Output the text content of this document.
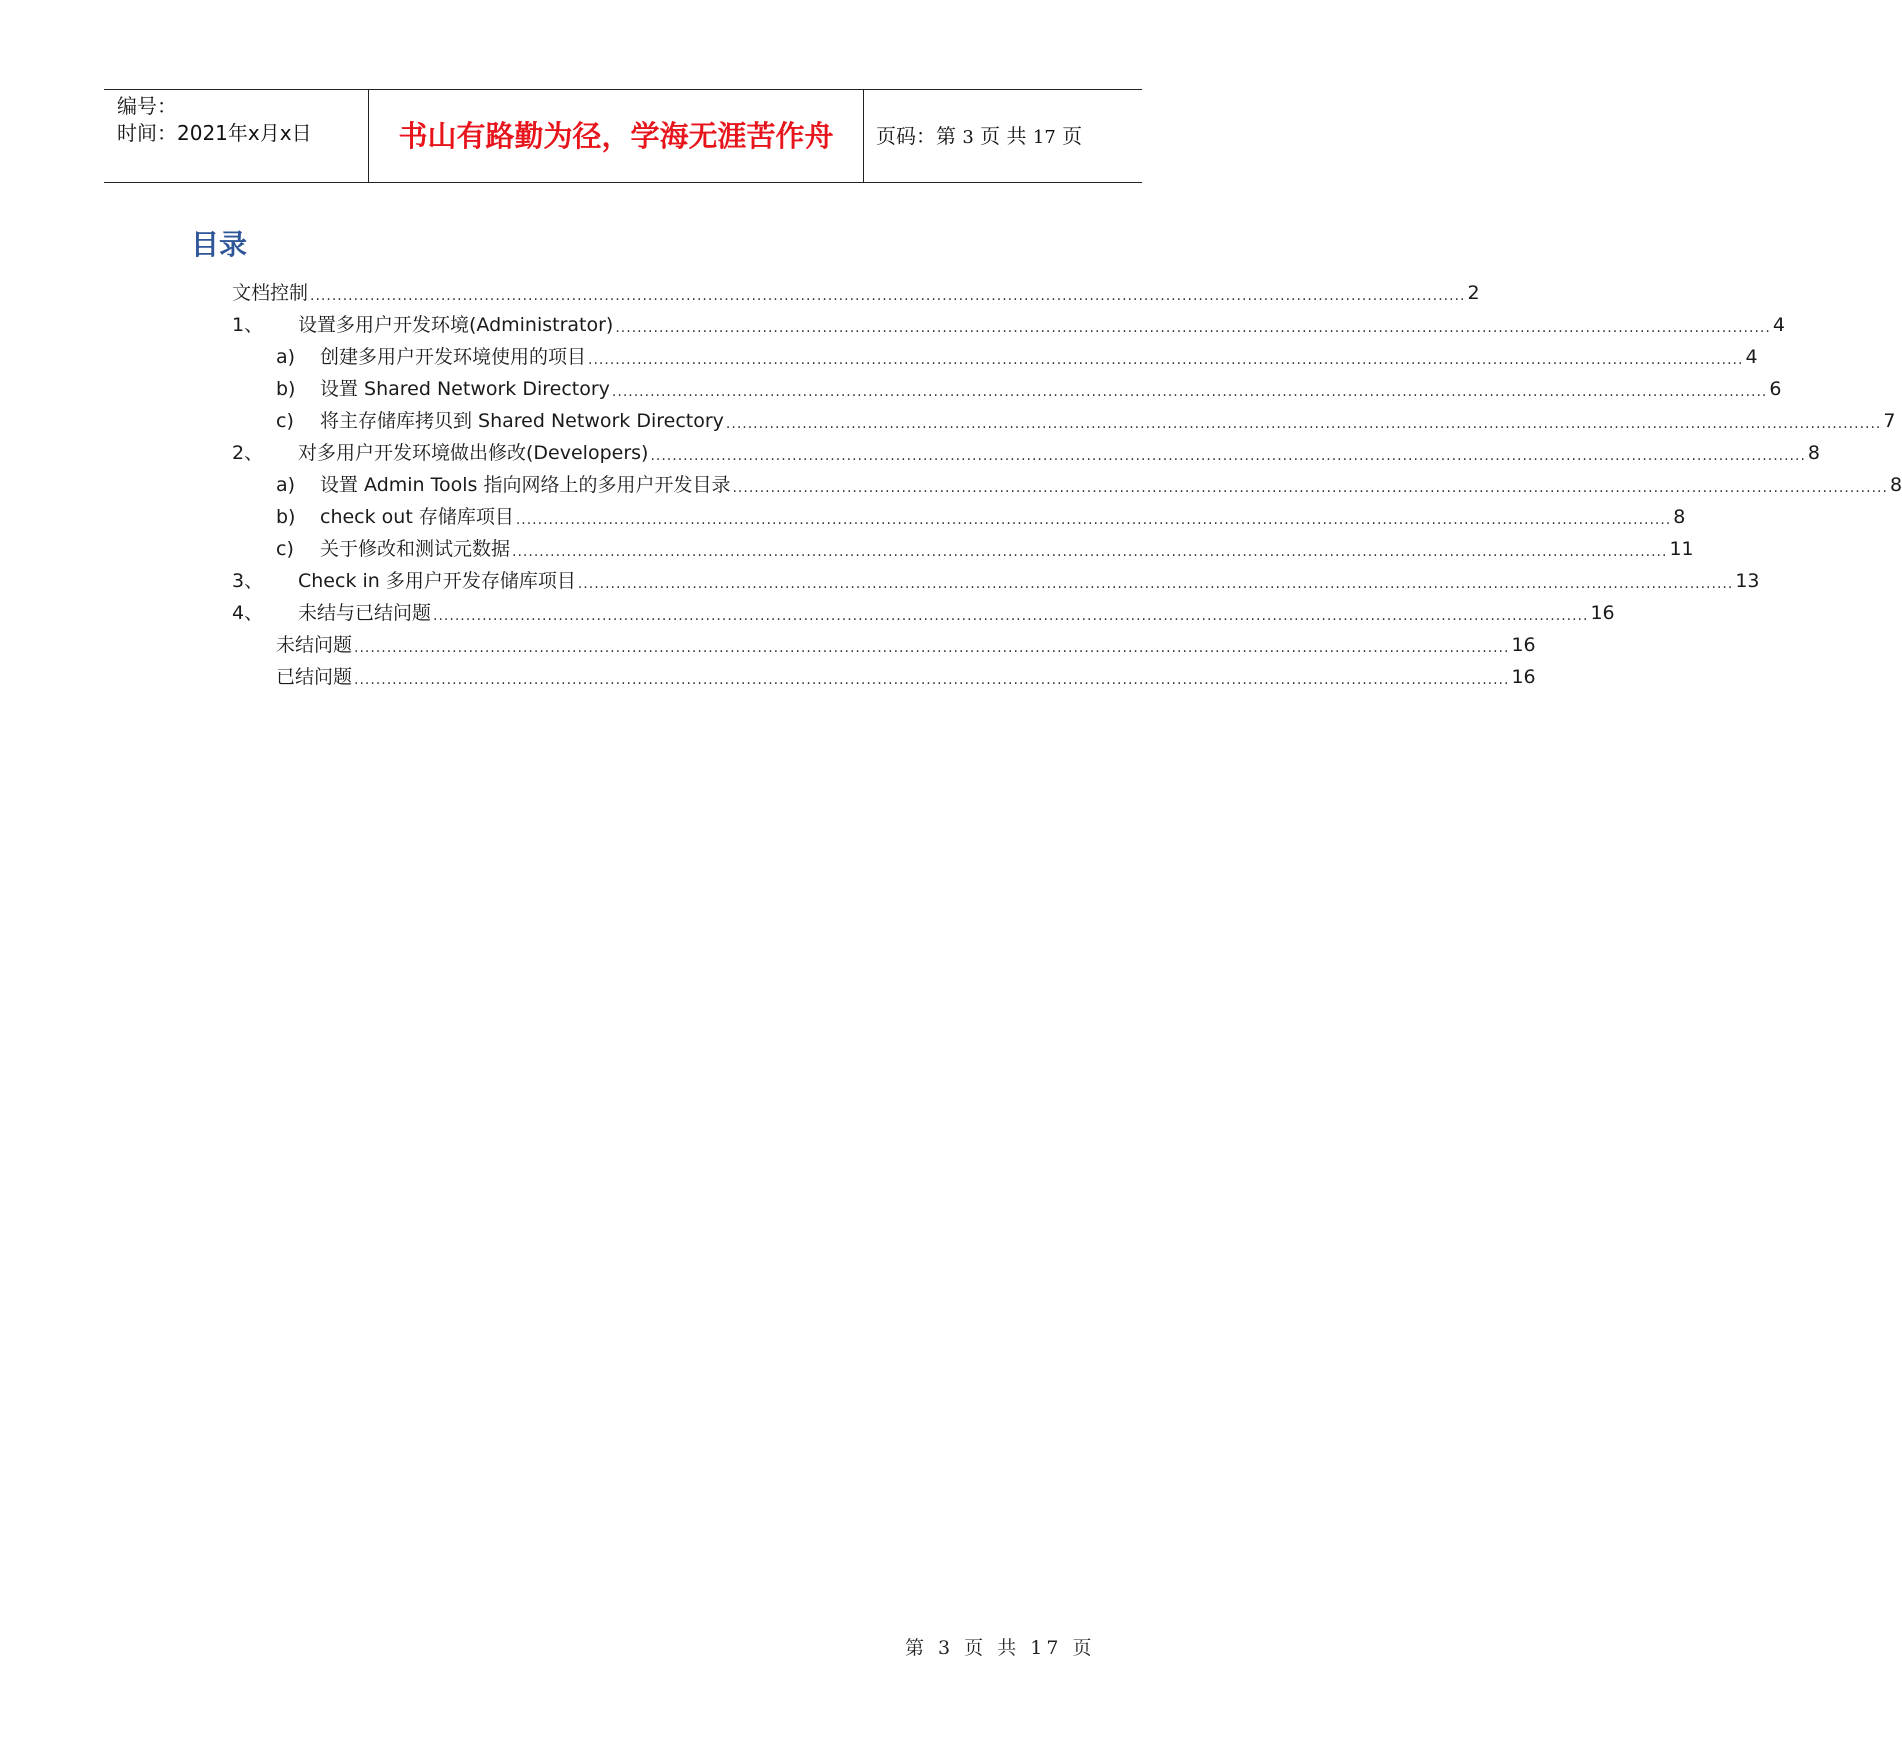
编号：
时间：2021年x月x日	书山有路勤为径，学海无涯苦作舟	页码：第 3 页 共 17 页
目录
文档控制 .................................................................................................................................................................................................................... 2
1、	设置多用户开发环境(Administrator) .................................................................................................................................................................................................................... 4
a)	创建多用户开发环境使用的项目 .................................................................................................................................................................................................................... 4
b)	设置 Shared Network Directory .................................................................................................................................................................................................................... 6
c)	将主存储库拷贝到 Shared Network Directory .................................................................................................................................................................................................................... 7
2、	对多用户开发环境做出修改(Developers) .................................................................................................................................................................................................................... 8
a)	设置 Admin Tools 指向网络上的多用户开发目录 .................................................................................................................................................................................................................... 8
b)	check out 存储库项目 .................................................................................................................................................................................................................... 8
c)	关于修改和测试元数据 .................................................................................................................................................................................................................... 11
3、	Check in 多用户开发存储库项目 .................................................................................................................................................................................................................... 13
4、	未结与已结问题 .................................................................................................................................................................................................................... 16
未结问题 .................................................................................................................................................................................................................... 16
已结问题 .................................................................................................................................................................................................................... 16
第 3 页 共 17 页
